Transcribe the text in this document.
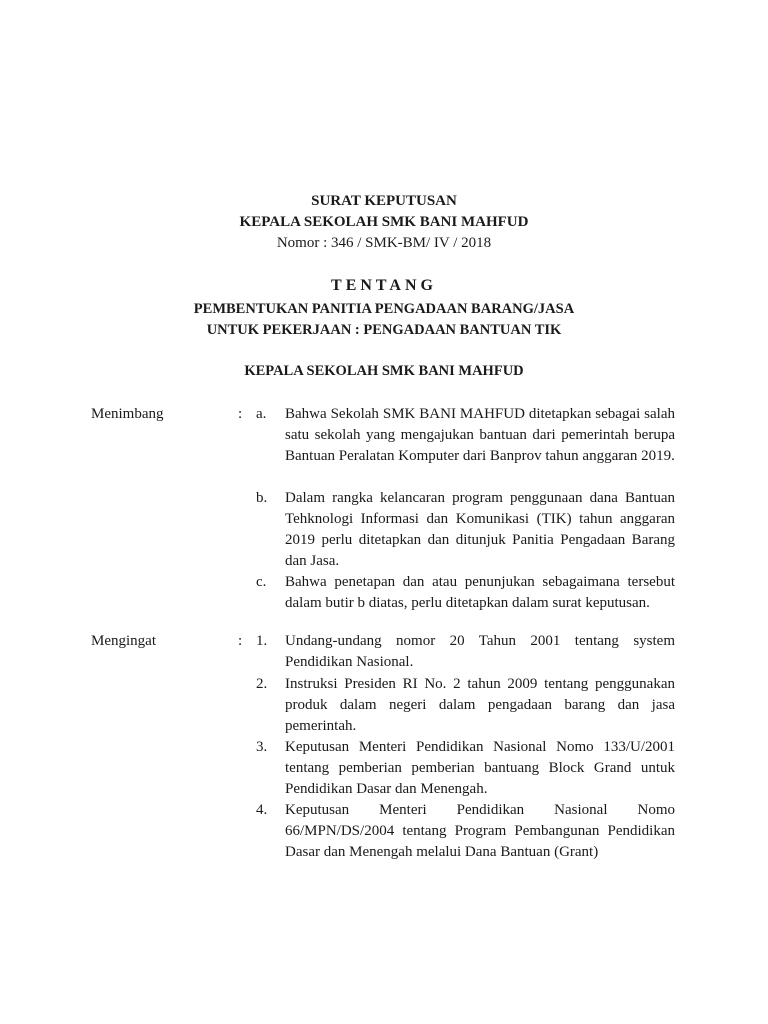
SURAT KEPUTUSAN
KEPALA SEKOLAH SMK BANI MAHFUD
Nomor : 346 / SMK-BM/ IV / 2018
TENTANG
PEMBENTUKAN PANITIA PENGADAAN BARANG/JASA
UNTUK PEKERJAAN : PENGADAAN BANTUAN TIK
KEPALA SEKOLAH SMK BANI MAHFUD
Menimbang	: a.	Bahwa Sekolah SMK BANI MAHFUD ditetapkan sebagai salah satu sekolah yang mengajukan bantuan dari pemerintah berupa Bantuan Peralatan Komputer dari Banprov tahun anggaran 2019.
b.	Dalam rangka kelancaran program penggunaan dana Bantuan Tehknologi Informasi dan Komunikasi (TIK) tahun anggaran 2019 perlu ditetapkan dan ditunjuk Panitia Pengadaan Barang dan Jasa.
c.	Bahwa penetapan dan atau penunjukan sebagaimana tersebut dalam butir b diatas, perlu ditetapkan dalam surat keputusan.
Mengingat	: 1.	Undang-undang nomor 20 Tahun 2001 tentang system Pendidikan Nasional.
2.	Instruksi Presiden RI No. 2 tahun 2009 tentang penggunakan produk dalam negeri dalam pengadaan barang dan jasa pemerintah.
3.	Keputusan Menteri Pendidikan Nasional Nomo 133/U/2001 tentang pemberian pemberian bantuang Block Grand untuk Pendidikan Dasar dan Menengah.
4.	Keputusan Menteri Pendidikan Nasional Nomo 66/MPN/DS/2004 tentang Program Pembangunan Pendidikan Dasar dan Menengah melalui Dana Bantuan (Grant)
